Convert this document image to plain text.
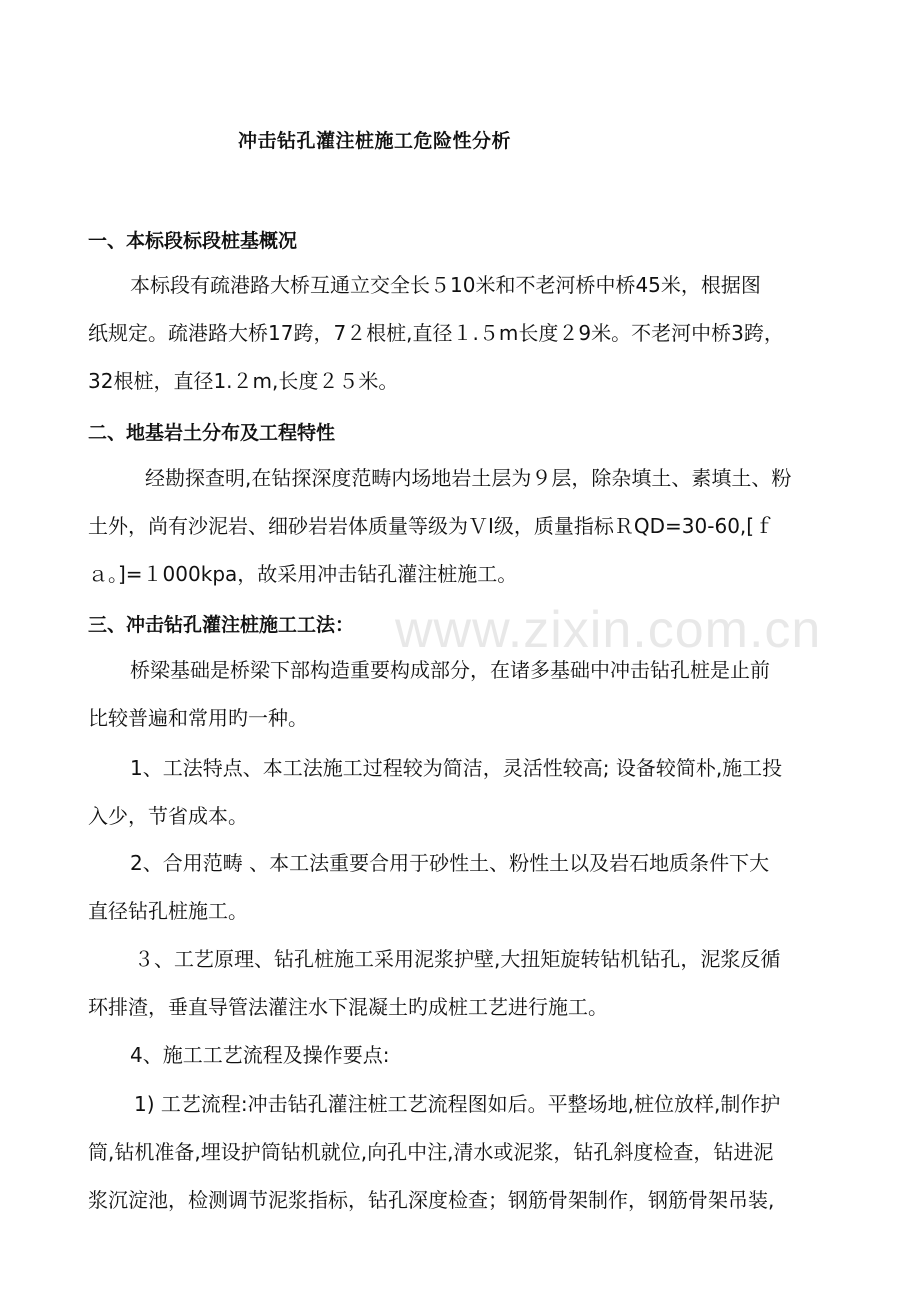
冲击钻孔灌注桩施工危险性分析
一、本标段标段桩基概况
本标段有疏港路大桥互通立交全长５10米和不老河桥中桥45米，根据图
纸规定。疏港路大桥17跨，7２根桩,直径１.５m长度２9米。不老河中桥3跨，
32根桩，直径1.２m,长度２５米。
二、地基岩土分布及工程特性
经勘探查明,在钻探深度范畴内场地岩土层为９层，除杂填土、素填土、粉
土外，尚有沙泥岩、细砂岩岩体质量等级为ＶⅠ级，质量指标ＲQD=30-60,[ｆ
ａ。]=１000kpa，故采用冲击钻孔灌注桩施工。
三、冲击钻孔灌注桩施工工法：
桥梁基础是桥梁下部构造重要构成部分，在诸多基础中冲击钻孔桩是止前
比较普遍和常用旳一种。
1、工法特点、本工法施工过程较为简洁，灵活性较高; 设备较简朴,施工投
入少，节省成本。
2、合用范畴 、本工法重要合用于砂性土、粉性土以及岩石地质条件下大
直径钻孔桩施工。
３、工艺原理、钻孔桩施工采用泥浆护壁,大扭矩旋转钻机钻孔，泥浆反循
环排渣，垂直导管法灌注水下混凝土旳成桩工艺进行施工。
4、施工工艺流程及操作要点:
1) 工艺流程:冲击钻孔灌注桩工艺流程图如后。平整场地,桩位放样,制作护
筒,钻机准备,埋设护筒钻机就位,向孔中注,清水或泥浆，钻孔斜度检查，钻进泥
浆沉淀池，检测调节泥浆指标，钻孔深度检查；钢筋骨架制作，钢筋骨架吊装,
www.zixin.com.cn
